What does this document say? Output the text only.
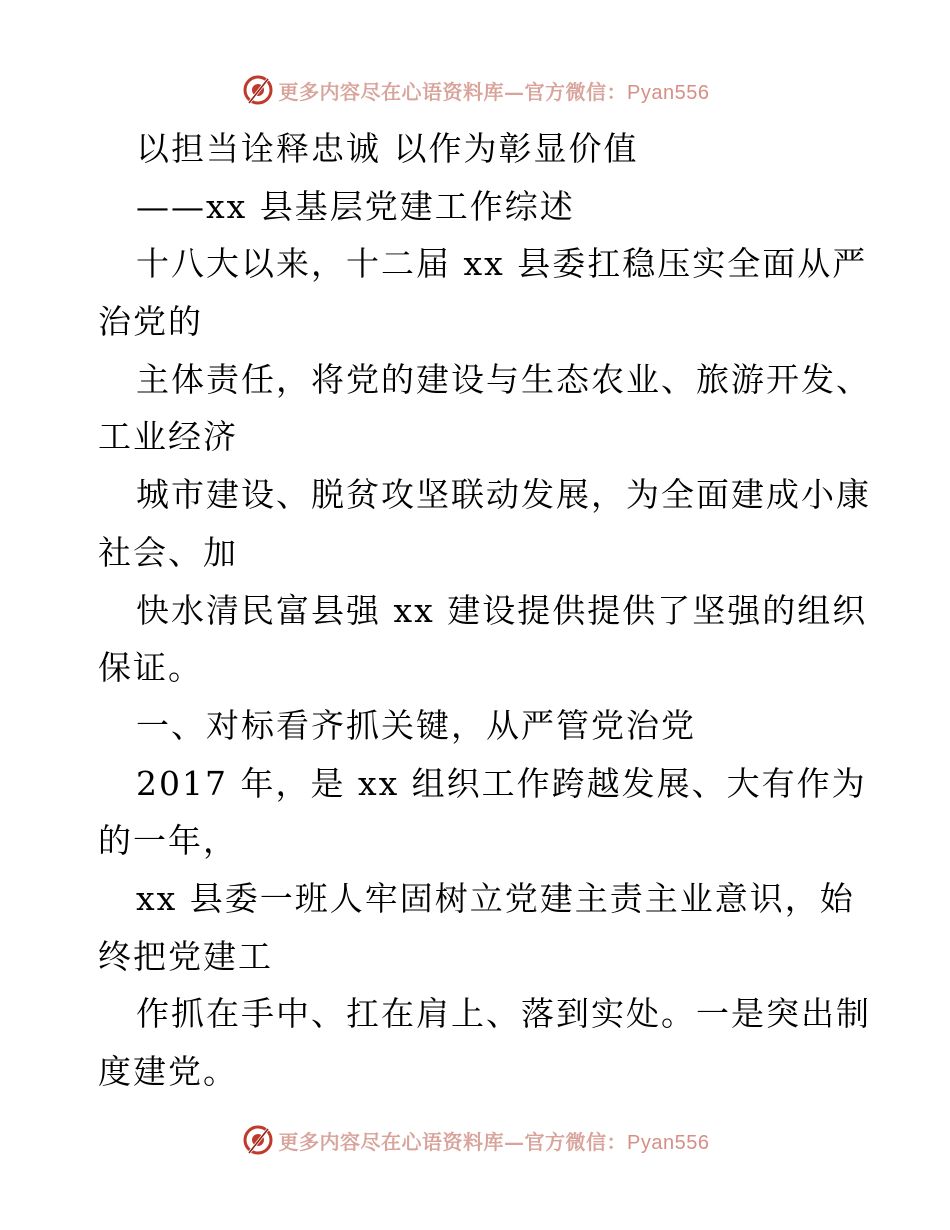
更多内容尽在心语资料库—官方微信：Pyan556
以担当诠释忠诚 以作为彰显价值
——xx 县基层党建工作综述
十八大以来，十二届 xx 县委扛稳压实全面从严
治党的
主体责任，将党的建设与生态农业、旅游开发、
工业经济
城市建设、脱贫攻坚联动发展，为全面建成小康
社会、加
快水清民富县强 xx 建设提供提供了坚强的组织
保证。
一、对标看齐抓关键，从严管党治党
2017 年，是 xx 组织工作跨越发展、大有作为
的一年，
xx 县委一班人牢固树立党建主责主业意识，始
终把党建工
作抓在手中、扛在肩上、落到实处。一是突出制
度建党。
更多内容尽在心语资料库—官方微信：Pyan556
